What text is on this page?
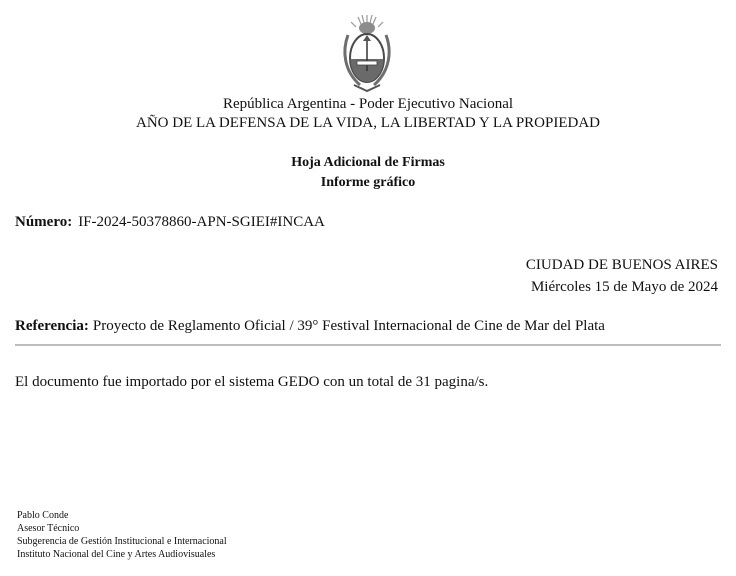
República Argentina - Poder Ejecutivo Nacional
AÑO DE LA DEFENSA DE LA VIDA, LA LIBERTAD Y LA PROPIEDAD
Hoja Adicional de Firmas
Informe gráfico
Número: IF-2024-50378860-APN-SGIEI#INCAA
CIUDAD DE BUENOS AIRES
Miércoles 15 de Mayo de 2024
Referencia: Proyecto de Reglamento Oficial / 39° Festival Internacional de Cine de Mar del Plata
El documento fue importado por el sistema GEDO con un total de 31 pagina/s.
Pablo Conde
Asesor Técnico
Subgerencia de Gestión Institucional e Internacional
Instituto Nacional del Cine y Artes Audiovisuales
